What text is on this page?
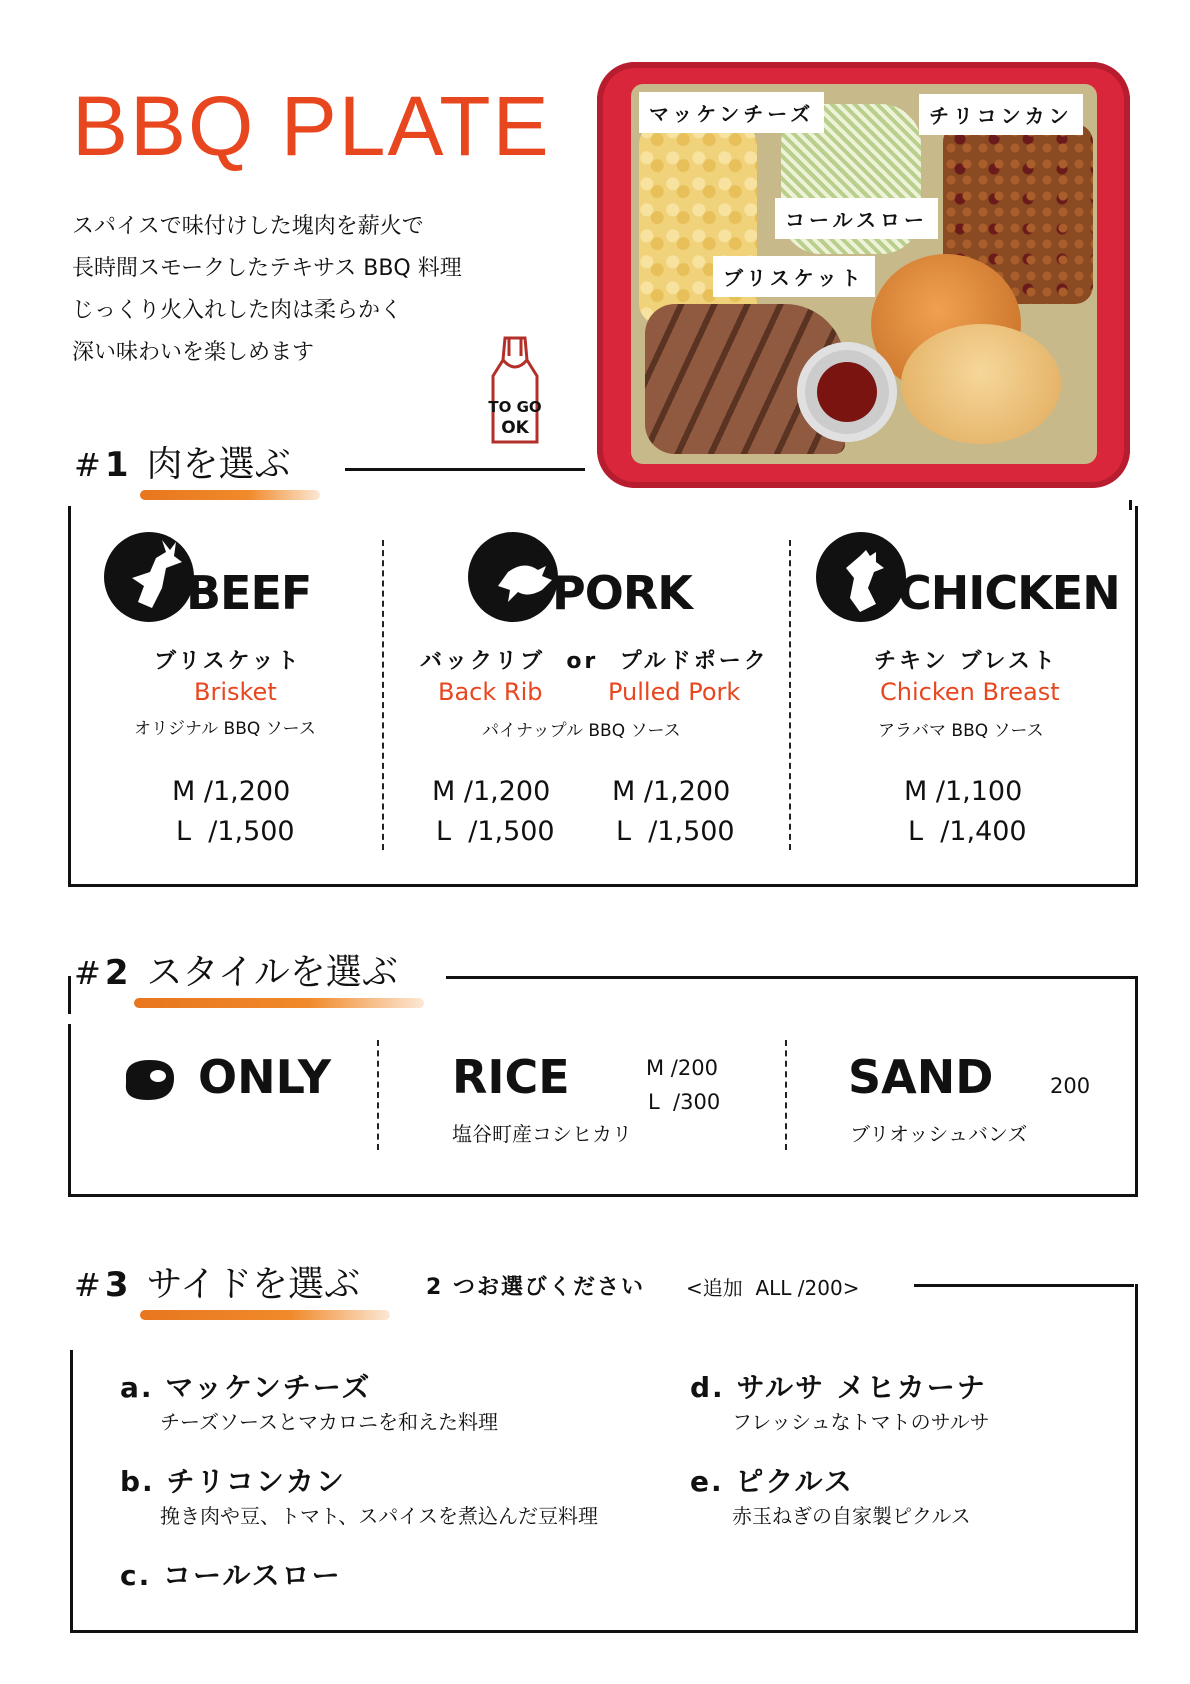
BBQ PLATE
スパイスで味付けした塊肉を薪火で
長時間スモークしたテキサス BBQ 料理
じっくり火入れした肉は柔らかく
深い味わいを楽しめます
マッケンチーズ	チリコンカン
コールスロー
ブリスケット
TO GO
OK
# 1 肉を選ぶ
BEEF
ブリスケット
Brisket
オリジナル BBQ ソース
M /1,200
L  /1,500
PORK
バックリブ  or  プルドポーク
Back Rib	Pulled Pork
パイナップル BBQ ソース
M /1,200
L  /1,500
M /1,200
L  /1,500
CHICKEN
チキン ブレスト
Chicken Breast
アラバマ BBQ ソース
M /1,100
L  /1,400
# 2 スタイルを選ぶ
ONLY	RICE	M /200
L  /300
塩谷町産コシヒカリ
SAND	200
ブリオッシュバンズ
# 3 サイドを選ぶ	2 つお選びください <追加  ALL /200>
a. マッケンチーズ
チーズソースとマカロニを和えた料理
b. チリコンカン
挽き肉や豆、トマト、スパイスを煮込んだ豆料理
c. コールスロー
d. サルサ メヒカーナ
フレッシュなトマトのサルサ
e. ピクルス
赤玉ねぎの自家製ピクルス
